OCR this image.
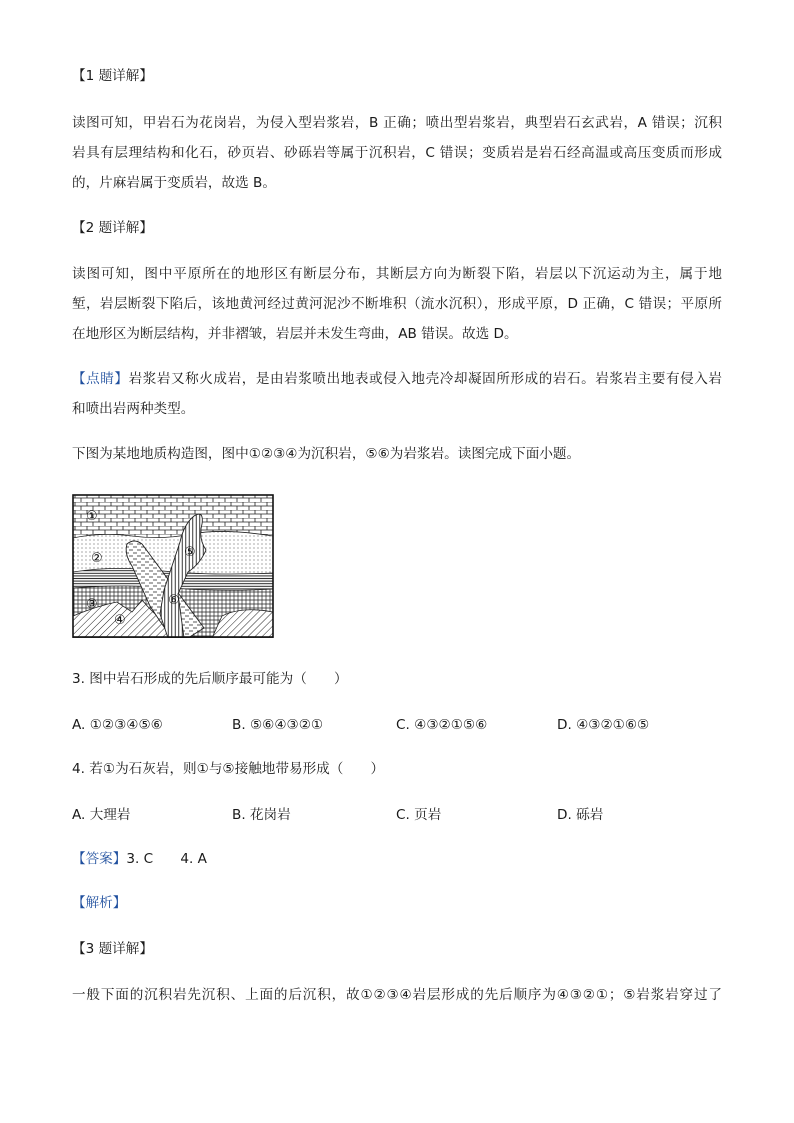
【1 题详解】
读图可知，甲岩石为花岗岩，为侵入型岩浆岩，B 正确；喷出型岩浆岩，典型岩石玄武岩，A 错误；沉积
岩具有层理结构和化石，砂页岩、砂砾岩等属于沉积岩，C 错误；变质岩是岩石经高温或高压变质而形成
的，片麻岩属于变质岩，故选 B。
【2 题详解】
读图可知，图中平原所在的地形区有断层分布，其断层方向为断裂下陷，岩层以下沉运动为主，属于地
堑，岩层断裂下陷后，该地黄河经过黄河泥沙不断堆积（流水沉积），形成平原，D 正确，C 错误；平原所
在地形区为断层结构，并非褶皱，岩层并未发生弯曲，AB 错误。故选 D。
【点睛】岩浆岩又称火成岩，是由岩浆喷出地表或侵入地壳冷却凝固所形成的岩石。岩浆岩主要有侵入岩
和喷出岩两种类型。
下图为某地地质构造图，图中①②③④为沉积岩，⑤⑥为岩浆岩。读图完成下面小题。
①
②
③
④
⑤
⑥
3. 图中岩石形成的先后顺序最可能为（　　）
A. ①②③④⑤⑥	B. ⑤⑥④③②①	C. ④③②①⑤⑥	D. ④③②①⑥⑤
4. 若①为石灰岩，则①与⑤接触地带易形成（　　）
A. 大理岩	B. 花岗岩	C. 页岩	D. 砾岩
【答案】3. C　　4. A
【解析】
【3 题详解】
一般下面的沉积岩先沉积、上面的后沉积，故①②③④岩层形成的先后顺序为④③②①；⑤岩浆岩穿过了
